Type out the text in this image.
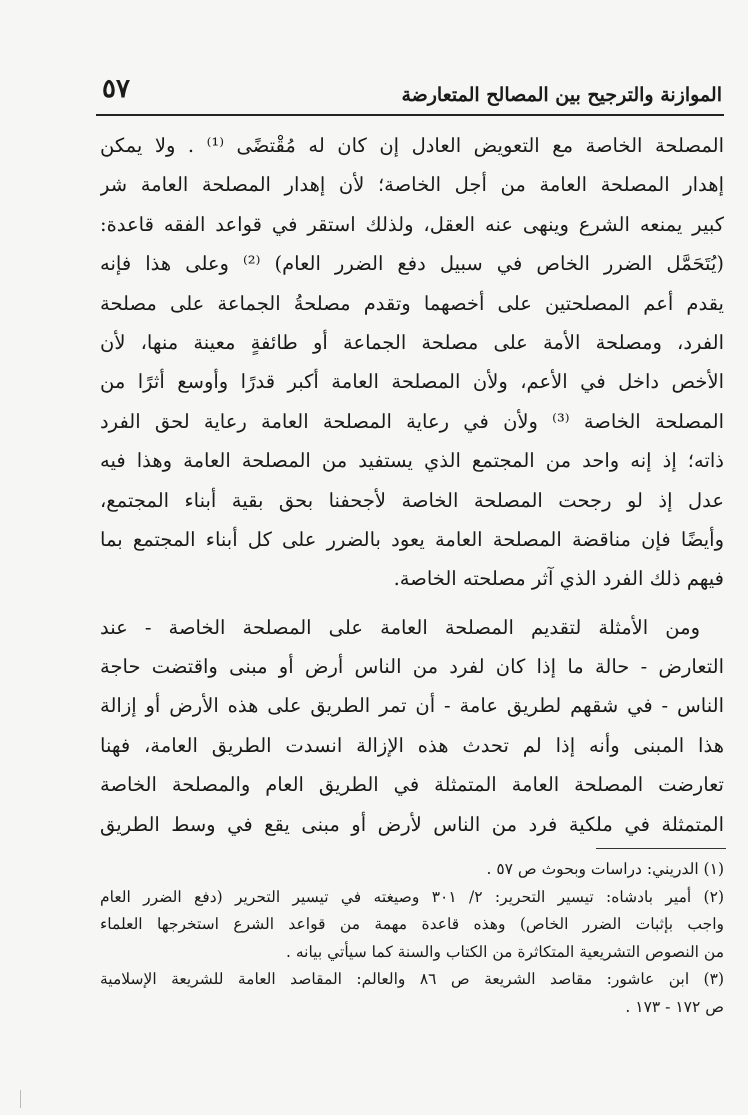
٥٧	الموازنة والترجيح بين المصالح المتعارضة
المصلحة الخاصة مع التعويض العادل إن كان له مُقْتضًى ⁽¹⁾ . ولا يمكن
إهدار المصلحة العامة من أجل الخاصة؛ لأن إهدار المصلحة العامة شر
كبير يمنعه الشرع وينهى عنه العقل، ولذلك استقر في قواعد الفقه قاعدة:
(يُتَحَمَّل الضرر الخاص في سبيل دفع الضرر العام) ⁽²⁾ وعلى هذا فإنه
يقدم أعم المصلحتين على أخصهما وتقدم مصلحةُ الجماعة على مصلحة
الفرد، ومصلحة الأمة على مصلحة الجماعة أو طائفةٍ معينة منها، لأن
الأخص داخل في الأعم، ولأن المصلحة العامة أكبر قدرًا وأوسع أثرًا من
المصلحة الخاصة ⁽³⁾ ولأن في رعاية المصلحة العامة رعاية لحق الفرد
ذاته؛ إذ إنه واحد من المجتمع الذي يستفيد من المصلحة العامة وهذا فيه
عدل إذ لو رجحت المصلحة الخاصة لأجحفنا بحق بقية أبناء المجتمع،
وأيضًا فإن مناقضة المصلحة العامة يعود بالضرر على كل أبناء المجتمع بما
فيهم ذلك الفرد الذي آثر مصلحته الخاصة.
ومن الأمثلة لتقديم المصلحة العامة على المصلحة الخاصة - عند
التعارض - حالة ما إذا كان لفرد من الناس أرض أو مبنى واقتضت حاجة
الناس - في شقهم لطريق عامة - أن تمر الطريق على هذه الأرض أو إزالة
هذا المبنى وأنه إذا لم تحدث هذه الإزالة انسدت الطريق العامة، فهنا
تعارضت المصلحة العامة المتمثلة في الطريق العام والمصلحة الخاصة
المتمثلة في ملكية فرد من الناس لأرض أو مبنى يقع في وسط الطريق
(١) الدريني: دراسات وبحوث ص ٥٧ .
(٢) أمير بادشاه: تيسير التحرير: ٢/ ٣٠١ وصيغته في تيسير التحرير (دفع الضرر العام
واجب بإثبات الضرر الخاص) وهذه قاعدة مهمة من قواعد الشرع استخرجها العلماء
من النصوص التشريعية المتكاثرة من الكتاب والسنة كما سيأتي بيانه .
(٣) ابن عاشور: مقاصد الشريعة ص ٨٦ والعالم: المقاصد العامة للشريعة الإسلامية
ص ١٧٢ - ١٧٣ .
